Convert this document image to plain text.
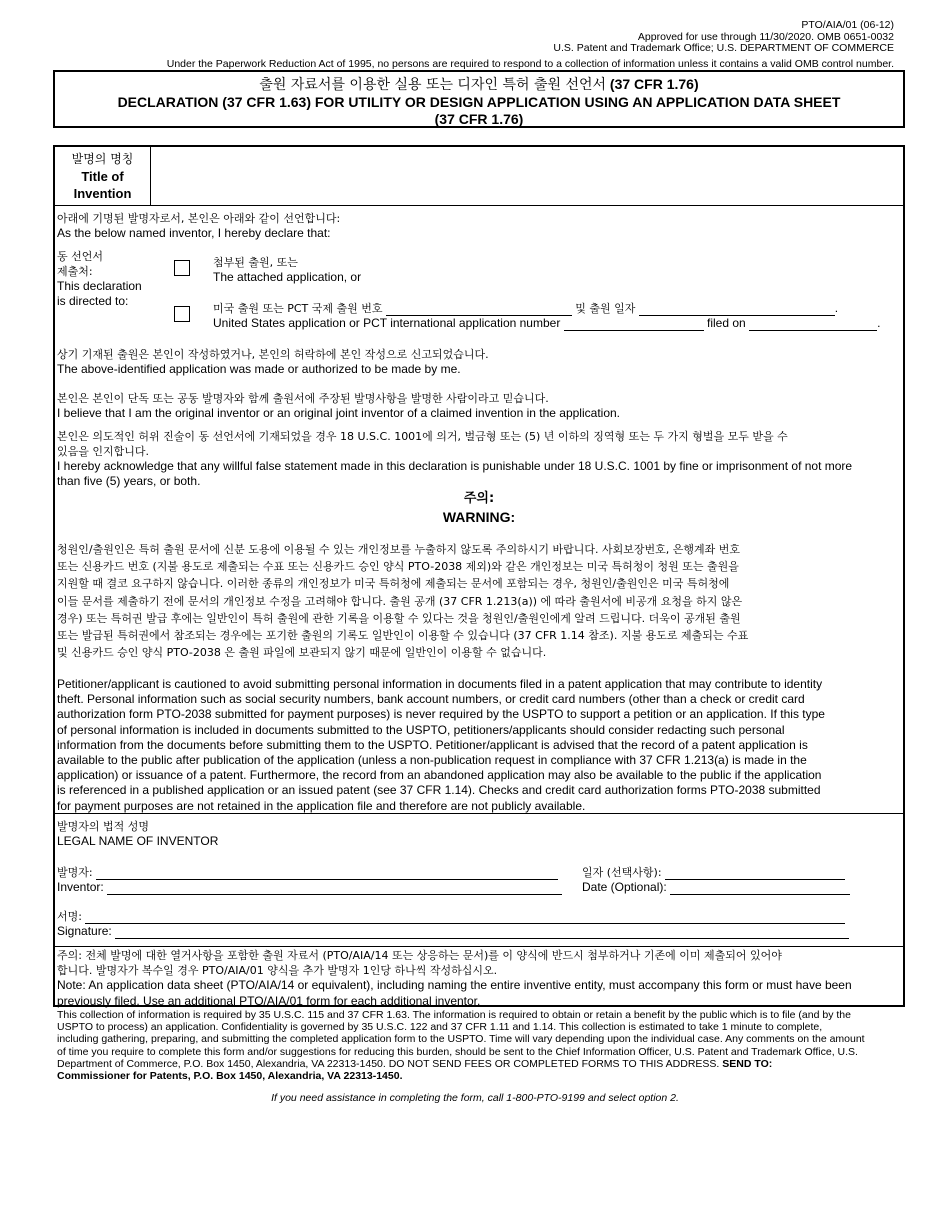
PTO/AIA/01 (06-12)
Approved for use through 11/30/2020. OMB 0651-0032
U.S. Patent and Trademark Office; U.S. DEPARTMENT OF COMMERCE
Under the Paperwork Reduction Act of 1995, no persons are required to respond to a collection of information unless it contains a valid OMB control number.
출원 자료서를 이용한 실용 또는 디자인 특허 출원 선언서 (37 CFR 1.76)
DECLARATION (37 CFR 1.63) FOR UTILITY OR DESIGN APPLICATION USING AN APPLICATION DATA SHEET
(37 CFR 1.76)
발명의 명칭
Title of
Invention
아래에 기명된 발명자로서, 본인은 아래와 같이 선언합니다:
As the below named inventor, I hereby declare that:
동 선언서
제출처:
This declaration
is directed to:
첨부된 출원, 또는
The attached application, or
미국 출원 또는 PCT 국제 출원 번호	및 출원 일자	.
United States application or PCT international application number	filed on	.
상기 기재된 출원은 본인이 작성하였거나, 본인의 허락하에 본인 작성으로 신고되었습니다.
The above-identified application was made or authorized to be made by me.
본인은 본인이 단독 또는 공동 발명자와 함께 출원서에 주장된 발명사항을 발명한 사람이라고 믿습니다.
I believe that I am the original inventor or an original joint inventor of a claimed invention in the application.
본인은 의도적인 허위 진술이 동 선언서에 기재되었을 경우 18 U.S.C. 1001에 의거, 벌금형 또는 (5) 년 이하의 징역형 또는 두 가지 형벌을 모두 받을 수
있음을 인지합니다.
I hereby acknowledge that any willful false statement made in this declaration is punishable under 18 U.S.C. 1001 by fine or imprisonment of not more
than five (5) years, or both.
주의:
WARNING:
청원인/출원인은 특허 출원 문서에 신분 도용에 이용될 수 있는 개인정보를 누출하지 않도록 주의하시기 바랍니다. 사회보장번호, 은행계좌 번호
또는 신용카드 번호 (지불 용도로 제출되는 수표 또는 신용카드 승인 양식 PTO-2038 제외)와 같은 개인정보는 미국 특허청이 청원 또는 출원을
지원할 때 결코 요구하지 않습니다. 이러한 종류의 개인정보가 미국 특허청에 제출되는 문서에 포함되는 경우, 청원인/출원인은 미국 특허청에
이들 문서를 제출하기 전에 문서의 개인정보 수정을 고려해야 합니다. 출원 공개 (37 CFR 1.213(a)) 에 따라 출원서에 비공개 요청을 하지 않은
경우) 또는 특허권 발급 후에는 일반인이 특허 출원에 관한 기록을 이용할 수 있다는 것을 청원인/출원인에게 알려 드립니다. 더욱이 공개된 출원
또는 발급된 특허권에서 참조되는 경우에는 포기한 출원의 기록도 일반인이 이용할 수 있습니다 (37 CFR 1.14 참조). 지불 용도로 제출되는 수표
및 신용카드 승인 양식 PTO-2038 은 출원 파일에 보관되지 않기 때문에 일반인이 이용할 수 없습니다.
Petitioner/applicant is cautioned to avoid submitting personal information in documents filed in a patent application that may contribute to identity
theft. Personal information such as social security numbers, bank account numbers, or credit card numbers (other than a check or credit card
authorization form PTO-2038 submitted for payment purposes) is never required by the USPTO to support a petition or an application. If this type
of personal information is included in documents submitted to the USPTO, petitioners/applicants should consider redacting such personal
information from the documents before submitting them to the USPTO. Petitioner/applicant is advised that the record of a patent application is
available to the public after publication of the application (unless a non-publication request in compliance with 37 CFR 1.213(a) is made in the
application) or issuance of a patent. Furthermore, the record from an abandoned application may also be available to the public if the application
is referenced in a published application or an issued patent (see 37 CFR 1.14). Checks and credit card authorization forms PTO-2038 submitted
for payment purposes are not retained in the application file and therefore are not publicly available.
발명자의 법적 성명
LEGAL NAME OF INVENTOR
발명자:
Inventor:
일자 (선택사항):
Date (Optional):
서명:
Signature:
주의: 전체 발명에 대한 열거사항을 포함한 출원 자료서 (PTO/AIA/14 또는 상응하는 문서)를 이 양식에 반드시 첨부하거나 기존에 이미 제출되어 있어야
합니다. 발명자가 복수일 경우 PTO/AIA/01 양식을 추가 발명자 1인당 하나씩 작성하십시오.
Note: An application data sheet (PTO/AIA/14 or equivalent), including naming the entire inventive entity, must accompany this form or must have been
previously filed. Use an additional PTO/AIA/01 form for each additional inventor.
This collection of information is required by 35 U.S.C. 115 and 37 CFR 1.63. The information is required to obtain or retain a benefit by the public which is to file (and by the
USPTO to process) an application. Confidentiality is governed by 35 U.S.C. 122 and 37 CFR 1.11 and 1.14. This collection is estimated to take 1 minute to complete,
including gathering, preparing, and submitting the completed application form to the USPTO. Time will vary depending upon the individual case. Any comments on the amount
of time you require to complete this form and/or suggestions for reducing this burden, should be sent to the Chief Information Officer, U.S. Patent and Trademark Office, U.S.
Department of Commerce, P.O. Box 1450, Alexandria, VA 22313-1450. DO NOT SEND FEES OR COMPLETED FORMS TO THIS ADDRESS. SEND TO:
Commissioner for Patents, P.O. Box 1450, Alexandria, VA 22313-1450.
If you need assistance in completing the form, call 1-800-PTO-9199 and select option 2.
